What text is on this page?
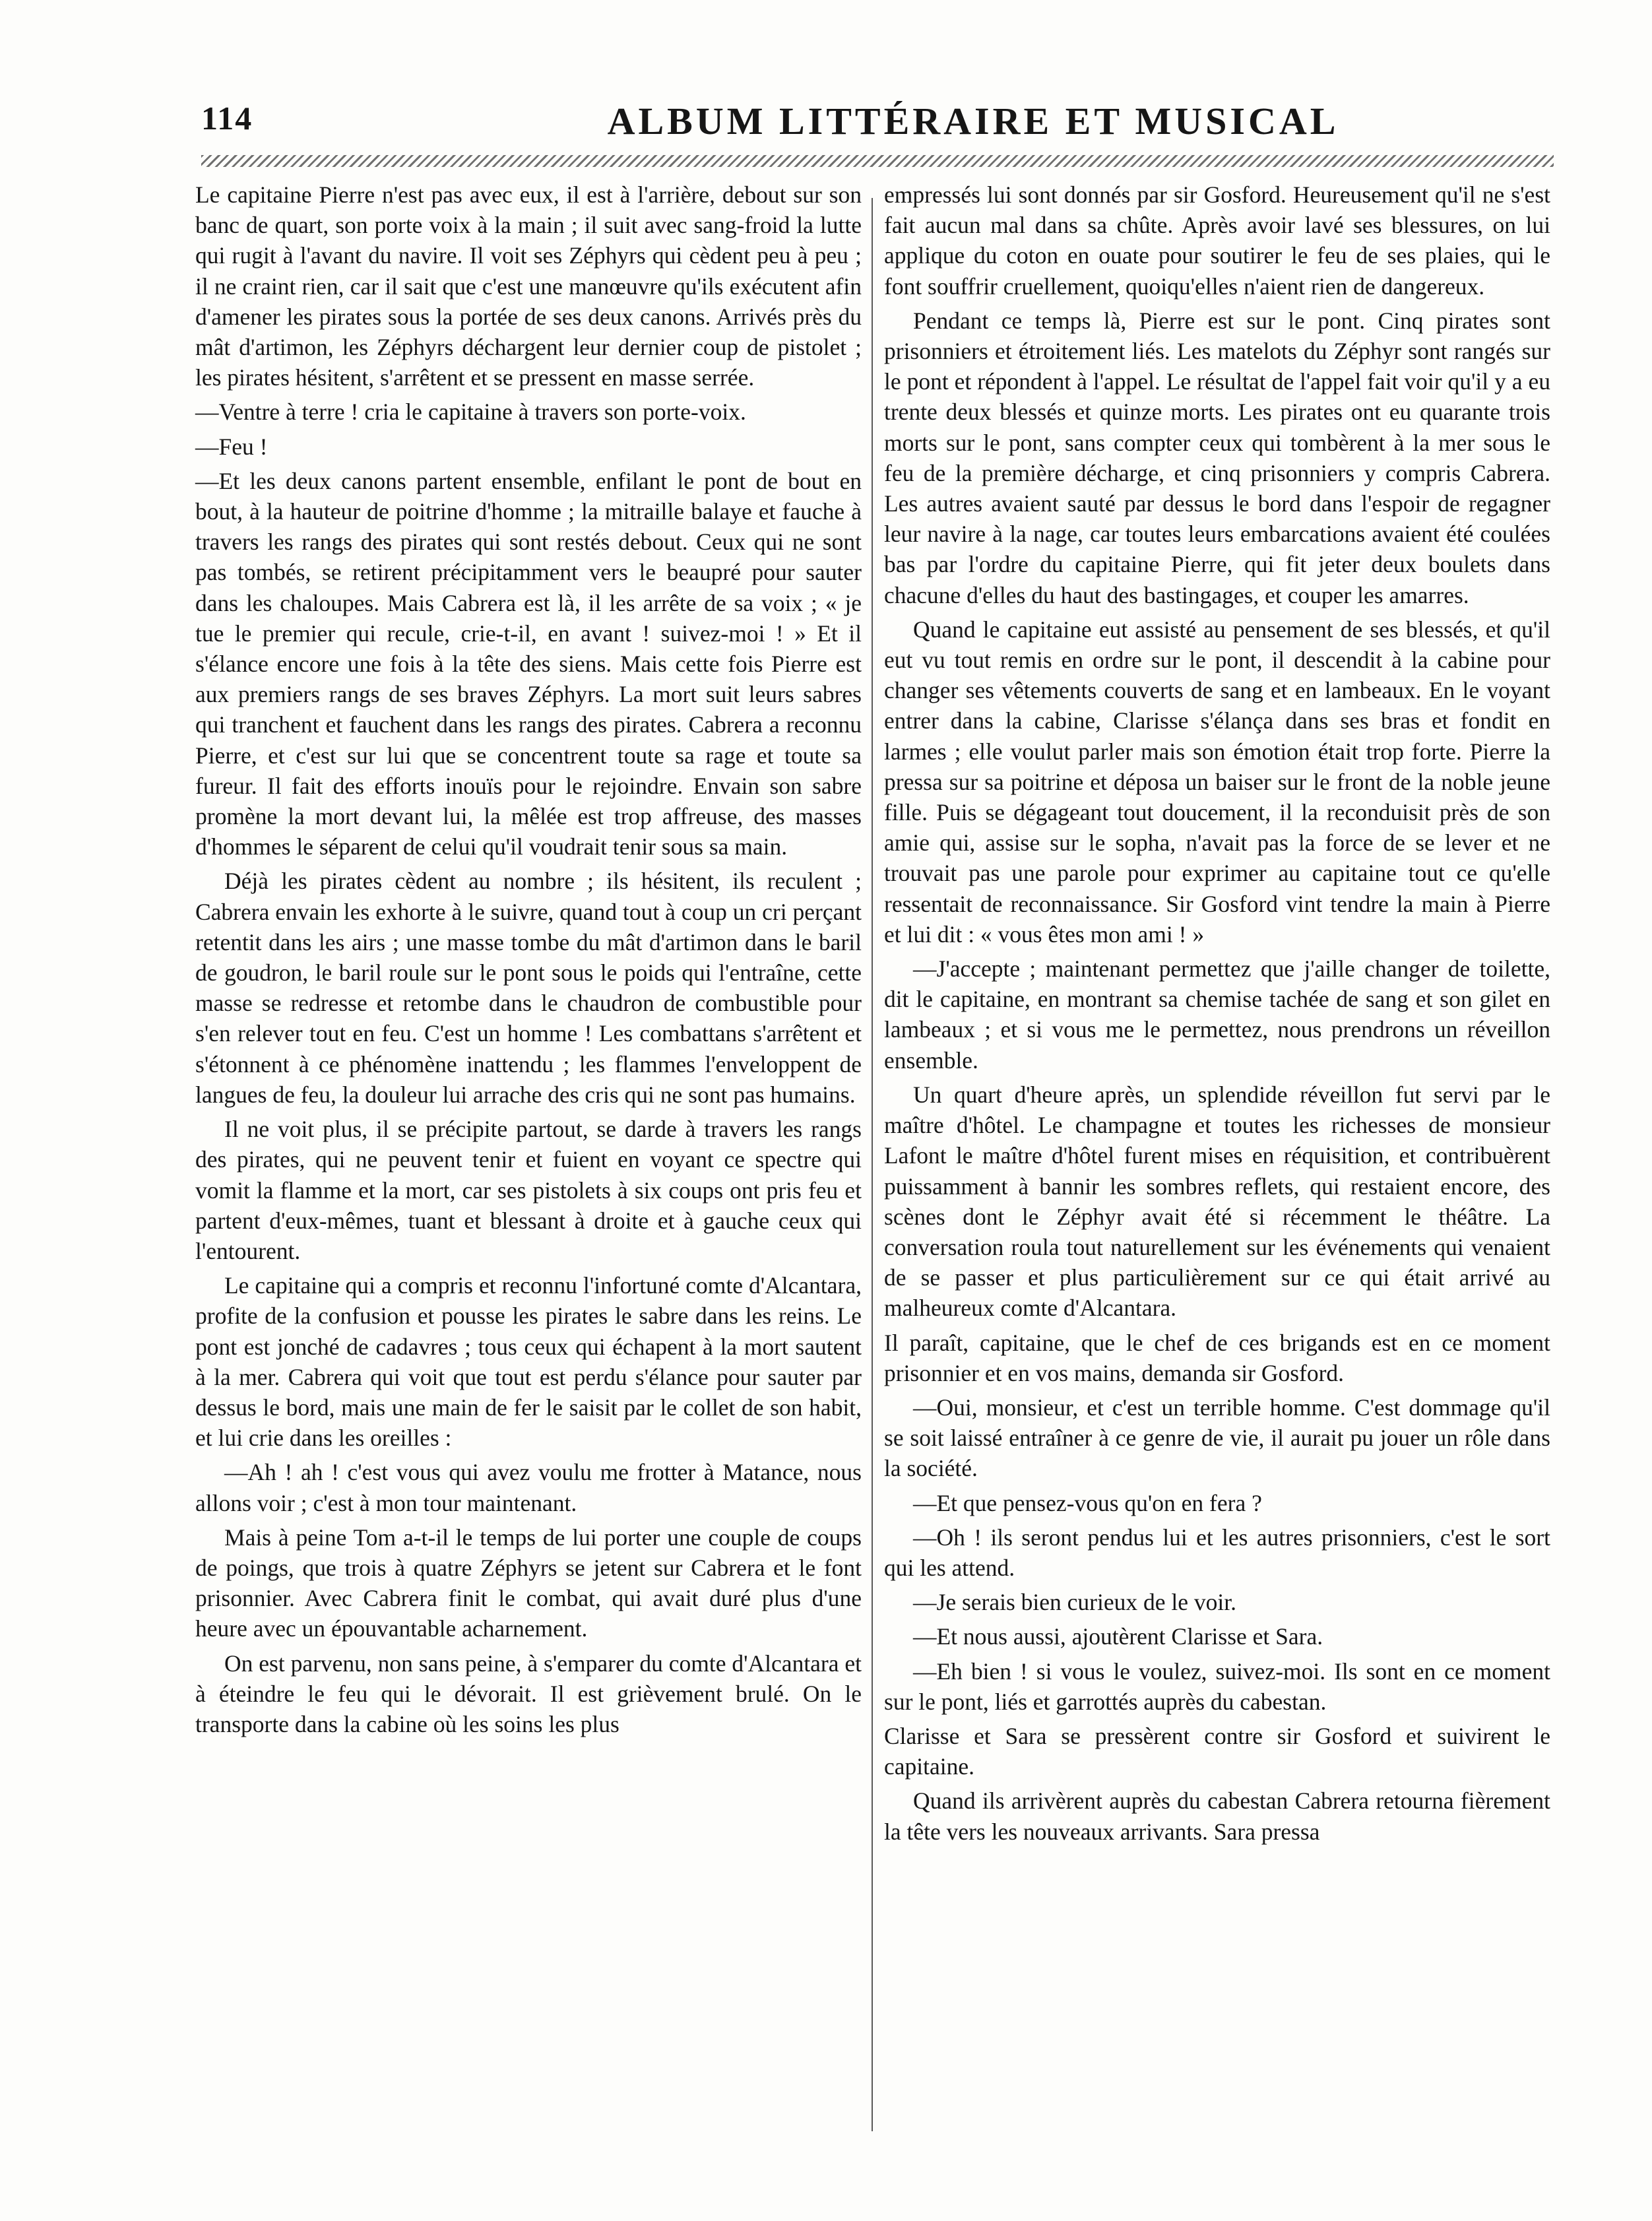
114	ALBUM LITTÉRAIRE ET MUSICAL

Le capitaine Pierre n'est pas avec eux, il est à l'arrière, debout sur son banc de quart, son porte voix à la main ; il suit avec sang-froid la lutte qui rugit à l'avant du navire. Il voit ses Zéphyrs qui cèdent peu à peu ; il ne craint rien, car il sait que c'est une manœuvre qu'ils exécutent afin d'amener les pirates sous la portée de ses deux canons. Arrivés près du mât d'artimon, les Zéphyrs déchargent leur dernier coup de pistolet ; les pirates hésitent, s'arrêtent et se pressent en masse serrée.

—Ventre à terre ! cria le capitaine à travers son porte-voix.

—Feu !

—Et les deux canons partent ensemble, enfilant le pont de bout en bout, à la hauteur de poitrine d'homme ; la mitraille balaye et fauche à travers les rangs des pirates qui sont restés debout. Ceux qui ne sont pas tombés, se retirent précipitamment vers le beaupré pour sauter dans les chaloupes. Mais Cabrera est là, il les arrête de sa voix ; « je tue le premier qui recule, crie-t-il, en avant ! suivez-moi ! » Et il s'élance encore une fois à la tête des siens. Mais cette fois Pierre est aux premiers rangs de ses braves Zéphyrs. La mort suit leurs sabres qui tranchent et fauchent dans les rangs des pirates. Cabrera a reconnu Pierre, et c'est sur lui que se concentrent toute sa rage et toute sa fureur. Il fait des efforts inouïs pour le rejoindre. Envain son sabre promène la mort devant lui, la mêlée est trop affreuse, des masses d'hommes le séparent de celui qu'il voudrait tenir sous sa main.

Déjà les pirates cèdent au nombre ; ils hésitent, ils reculent ; Cabrera envain les exhorte à le suivre, quand tout à coup un cri perçant retentit dans les airs ; une masse tombe du mât d'artimon dans le baril de goudron, le baril roule sur le pont sous le poids qui l'entraîne, cette masse se redresse et retombe dans le chaudron de combustible pour s'en relever tout en feu. C'est un homme ! Les combattans s'arrêtent et s'étonnent à ce phénomène inattendu ; les flammes l'enveloppent de langues de feu, la douleur lui arrache des cris qui ne sont pas humains.

Il ne voit plus, il se précipite partout, se darde à travers les rangs des pirates, qui ne peuvent tenir et fuient en voyant ce spectre qui vomit la flamme et la mort, car ses pistolets à six coups ont pris feu et partent d'eux-mêmes, tuant et blessant à droite et à gauche ceux qui l'entourent.

Le capitaine qui a compris et reconnu l'infortuné comte d'Alcantara, profite de la confusion et pousse les pirates le sabre dans les reins. Le pont est jonché de cadavres ; tous ceux qui échapent à la mort sautent à la mer. Cabrera qui voit que tout est perdu s'élance pour sauter par dessus le bord, mais une main de fer le saisit par le collet de son habit, et lui crie dans les oreilles :

—Ah ! ah ! c'est vous qui avez voulu me frotter à Matance, nous allons voir ; c'est à mon tour maintenant.

Mais à peine Tom a-t-il le temps de lui porter une couple de coups de poings, que trois à quatre Zéphyrs se jetent sur Cabrera et le font prisonnier. Avec Cabrera finit le combat, qui avait duré plus d'une heure avec un épouvantable acharnement.

On est parvenu, non sans peine, à s'emparer du comte d'Alcantara et à éteindre le feu qui le dévorait. Il est grièvement brulé. On le transporte dans la cabine où les soins les plus

empressés lui sont donnés par sir Gosford. Heureusement qu'il ne s'est fait aucun mal dans sa chûte. Après avoir lavé ses blessures, on lui applique du coton en ouate pour soutirer le feu de ses plaies, qui le font souffrir cruellement, quoiqu'elles n'aient rien de dangereux.

Pendant ce temps là, Pierre est sur le pont. Cinq pirates sont prisonniers et étroitement liés. Les matelots du Zéphyr sont rangés sur le pont et répondent à l'appel. Le résultat de l'appel fait voir qu'il y a eu trente deux blessés et quinze morts. Les pirates ont eu quarante trois morts sur le pont, sans compter ceux qui tombèrent à la mer sous le feu de la première décharge, et cinq prisonniers y compris Cabrera. Les autres avaient sauté par dessus le bord dans l'espoir de regagner leur navire à la nage, car toutes leurs embarcations avaient été coulées bas par l'ordre du capitaine Pierre, qui fit jeter deux boulets dans chacune d'elles du haut des bastingages, et couper les amarres.

Quand le capitaine eut assisté au pensement de ses blessés, et qu'il eut vu tout remis en ordre sur le pont, il descendit à la cabine pour changer ses vêtements couverts de sang et en lambeaux. En le voyant entrer dans la cabine, Clarisse s'élança dans ses bras et fondit en larmes ; elle voulut parler mais son émotion était trop forte. Pierre la pressa sur sa poitrine et déposa un baiser sur le front de la noble jeune fille. Puis se dégageant tout doucement, il la reconduisit près de son amie qui, assise sur le sopha, n'avait pas la force de se lever et ne trouvait pas une parole pour exprimer au capitaine tout ce qu'elle ressentait de reconnaissance. Sir Gosford vint tendre la main à Pierre et lui dit : « vous êtes mon ami ! »

—J'accepte ; maintenant permettez que j'aille changer de toilette, dit le capitaine, en montrant sa chemise tachée de sang et son gilet en lambeaux ; et si vous me le permettez, nous prendrons un réveillon ensemble.

Un quart d'heure après, un splendide réveillon fut servi par le maître d'hôtel. Le champagne et toutes les richesses de monsieur Lafont le maître d'hôtel furent mises en réquisition, et contribuèrent puissamment à bannir les sombres reflets, qui restaient encore, des scènes dont le Zéphyr avait été si récemment le théâtre. La conversation roula tout naturellement sur les événements qui venaient de se passer et plus particulièrement sur ce qui était arrivé au malheureux comte d'Alcantara.

Il paraît, capitaine, que le chef de ces brigands est en ce moment prisonnier et en vos mains, demanda sir Gosford.

—Oui, monsieur, et c'est un terrible homme. C'est dommage qu'il se soit laissé entraîner à ce genre de vie, il aurait pu jouer un rôle dans la société.

—Et que pensez-vous qu'on en fera ?

—Oh ! ils seront pendus lui et les autres prisonniers, c'est le sort qui les attend.

—Je serais bien curieux de le voir.

—Et nous aussi, ajoutèrent Clarisse et Sara.

—Eh bien ! si vous le voulez, suivez-moi. Ils sont en ce moment sur le pont, liés et garrottés auprès du cabestan.

Clarisse et Sara se pressèrent contre sir Gosford et suivirent le capitaine.

Quand ils arrivèrent auprès du cabestan Cabrera retourna fièrement la tête vers les nouveaux arrivants. Sara pressa
